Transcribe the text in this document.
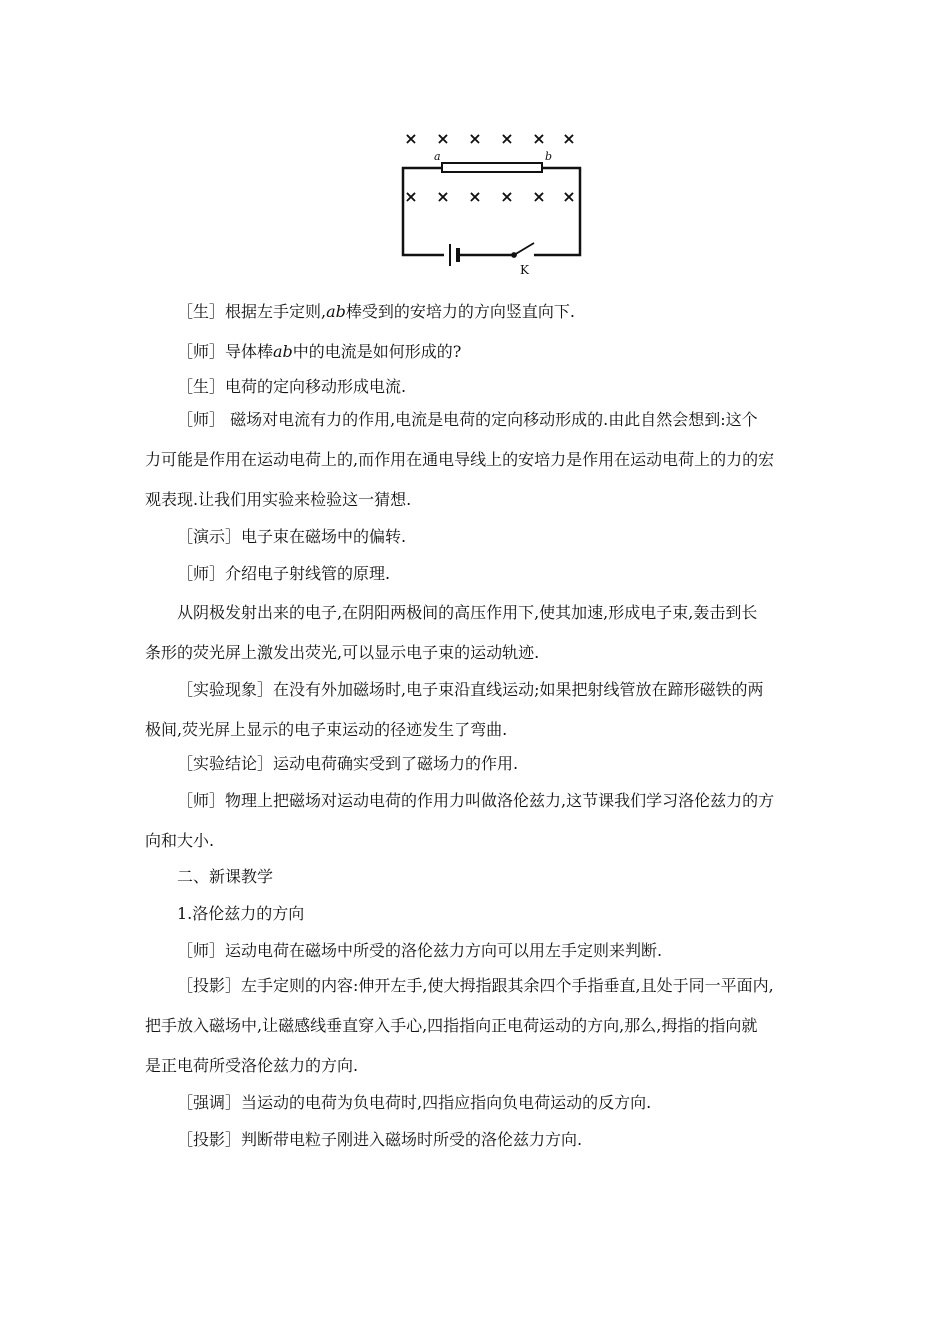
× × × × × ×
× × × × × ×
a	b
K
［生］根据左手定则,ab棒受到的安培力的方向竖直向下.
［师］导体棒ab中的电流是如何形成的?
［生］电荷的定向移动形成电流.
［师］ 磁场对电流有力的作用,电流是电荷的定向移动形成的.由此自然会想到:这个
力可能是作用在运动电荷上的,而作用在通电导线上的安培力是作用在运动电荷上的力的宏
观表现.让我们用实验来检验这一猜想.
［演示］电子束在磁场中的偏转.
［师］介绍电子射线管的原理.
从阴极发射出来的电子,在阴阳两极间的高压作用下,使其加速,形成电子束,轰击到长
条形的荧光屏上激发出荧光,可以显示电子束的运动轨迹.
［实验现象］在没有外加磁场时,电子束沿直线运动;如果把射线管放在蹄形磁铁的两
极间,荧光屏上显示的电子束运动的径迹发生了弯曲.
［实验结论］运动电荷确实受到了磁场力的作用.
［师］物理上把磁场对运动电荷的作用力叫做洛伦兹力,这节课我们学习洛伦兹力的方
向和大小.
二、新课教学
1.洛伦兹力的方向
［师］运动电荷在磁场中所受的洛伦兹力方向可以用左手定则来判断.
［投影］左手定则的内容:伸开左手,使大拇指跟其余四个手指垂直,且处于同一平面内,
把手放入磁场中,让磁感线垂直穿入手心,四指指向正电荷运动的方向,那么,拇指的指向就
是正电荷所受洛伦兹力的方向.
［强调］当运动的电荷为负电荷时,四指应指向负电荷运动的反方向.
［投影］判断带电粒子刚进入磁场时所受的洛伦兹力方向.
